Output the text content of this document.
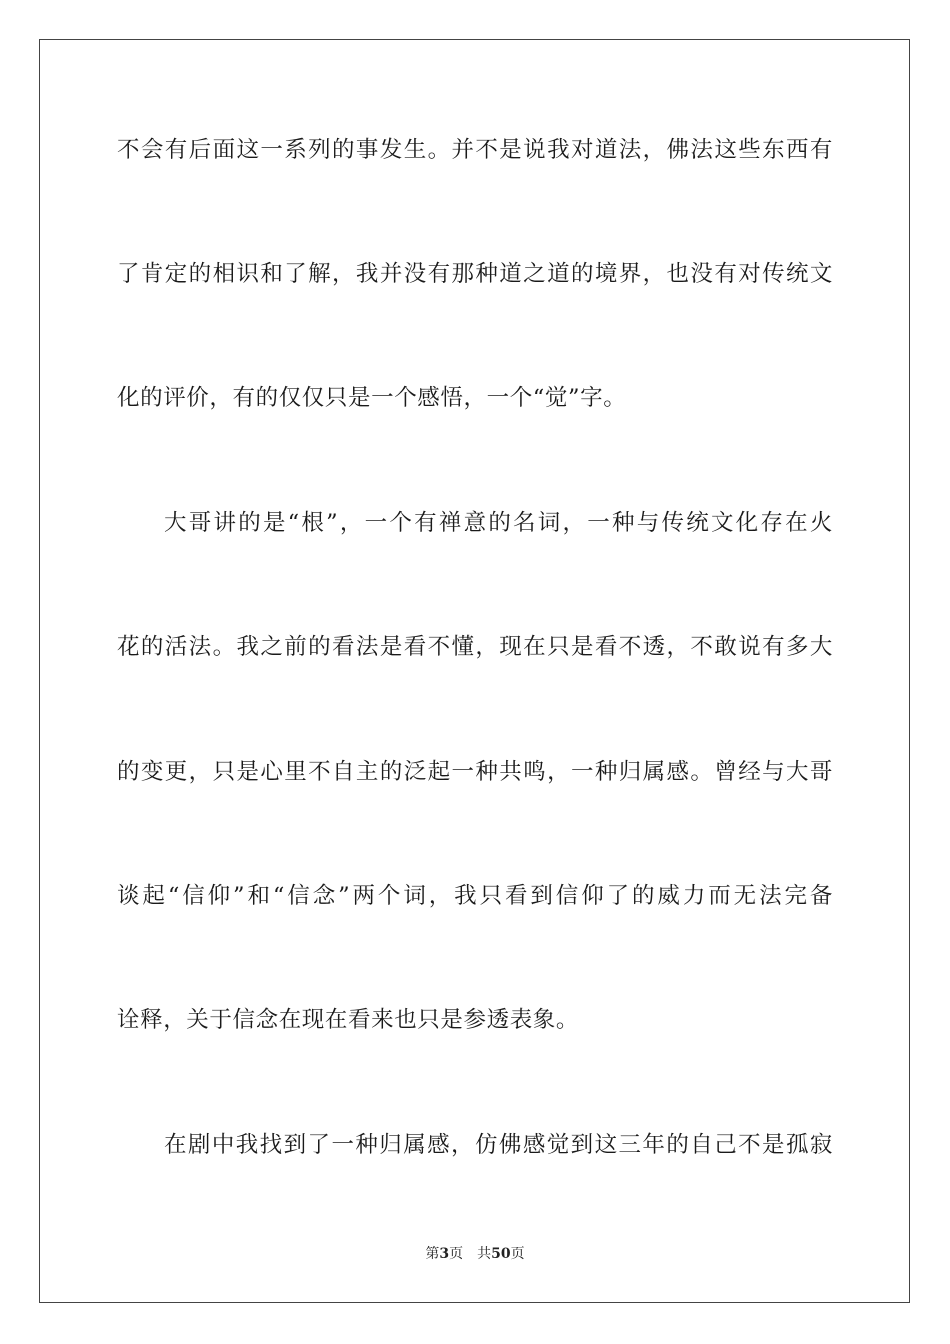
不会有后面这一系列的事发生。并不是说我对道法，佛法这些东西有
了肯定的相识和了解，我并没有那种道之道的境界，也没有对传统文
化的评价，有的仅仅只是一个感悟，一个“觉”字。
大哥讲的是“根”，一个有禅意的名词，一种与传统文化存在火
花的活法。我之前的看法是看不懂，现在只是看不透，不敢说有多大
的变更，只是心里不自主的泛起一种共鸣，一种归属感。曾经与大哥
谈起“信仰”和“信念”两个词，我只看到信仰了的威力而无法完备
诠释，关于信念在现在看来也只是参透表象。
在剧中我找到了一种归属感，仿佛感觉到这三年的自己不是孤寂
第3页 共50页
